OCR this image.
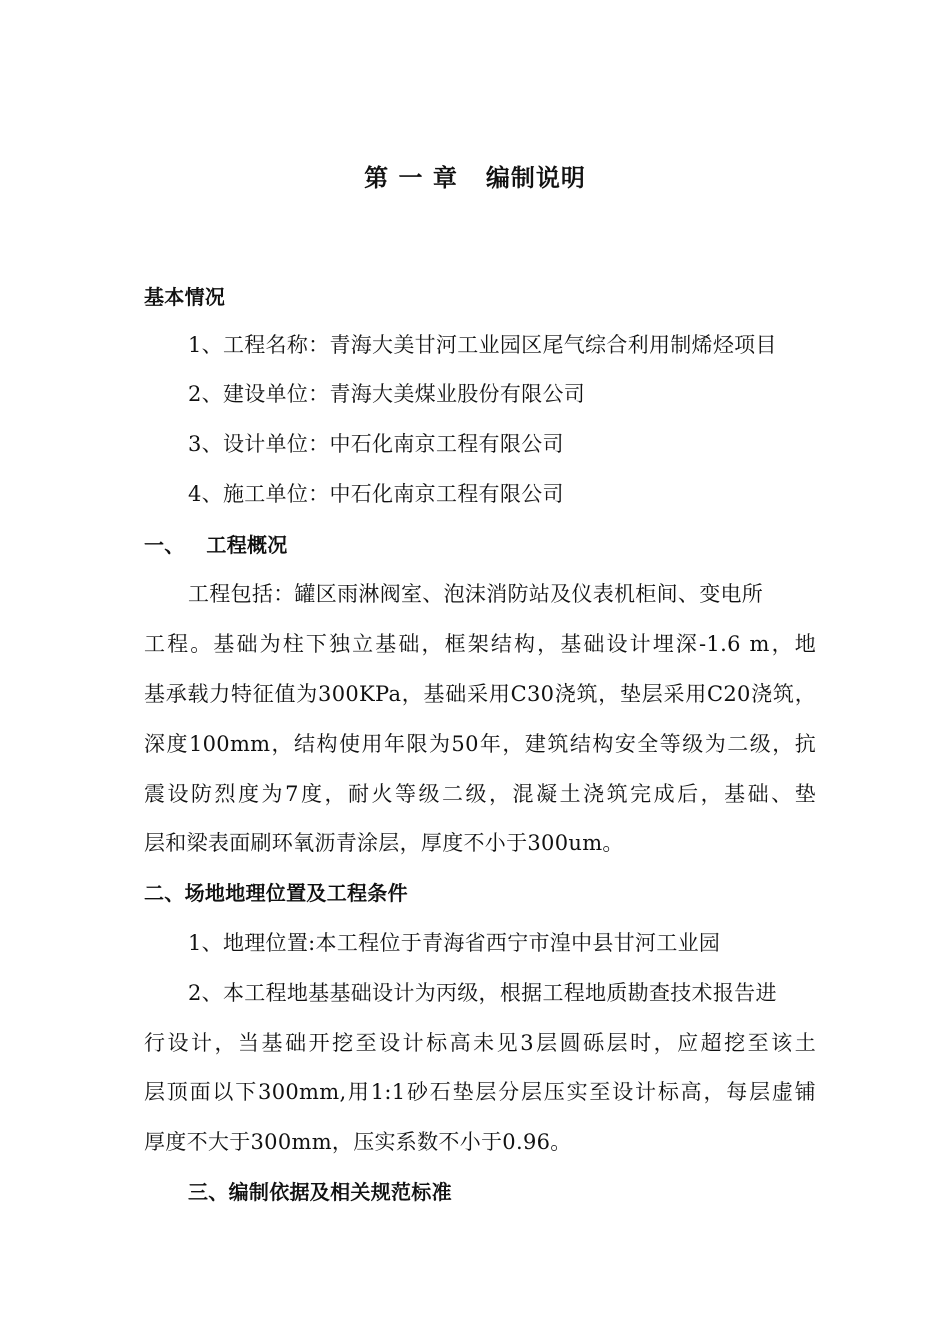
第 一 章   编制说明
基本情况
1、工程名称：青海大美甘河工业园区尾气综合利用制烯烃项目
2、建设单位：青海大美煤业股份有限公司
3、设计单位：中石化南京工程有限公司
4、施工单位：中石化南京工程有限公司
一、   工程概况
工程包括：罐区雨淋阀室、泡沫消防站及仪表机柜间、变电所
工程。基础为柱下独立基础，框架结构，基础设计埋深-1.6 m，地
基承载力特征值为300KPa，基础采用C30浇筑，垫层采用C20浇筑，
深度100mm，结构使用年限为50年，建筑结构安全等级为二级，抗
震设防烈度为7度，耐火等级二级，混凝土浇筑完成后，基础、垫
层和梁表面刷环氧沥青涂层，厚度不小于300um。
二、场地地理位置及工程条件
1、地理位置:本工程位于青海省西宁市湟中县甘河工业园
2、本工程地基基础设计为丙级，根据工程地质勘查技术报告进
行设计，当基础开挖至设计标高未见3层圆砾层时，应超挖至该土
层顶面以下300mm,用1:1砂石垫层分层压实至设计标高，每层虚铺
厚度不大于300mm，压实系数不小于0.96。
三、编制依据及相关规范标准
